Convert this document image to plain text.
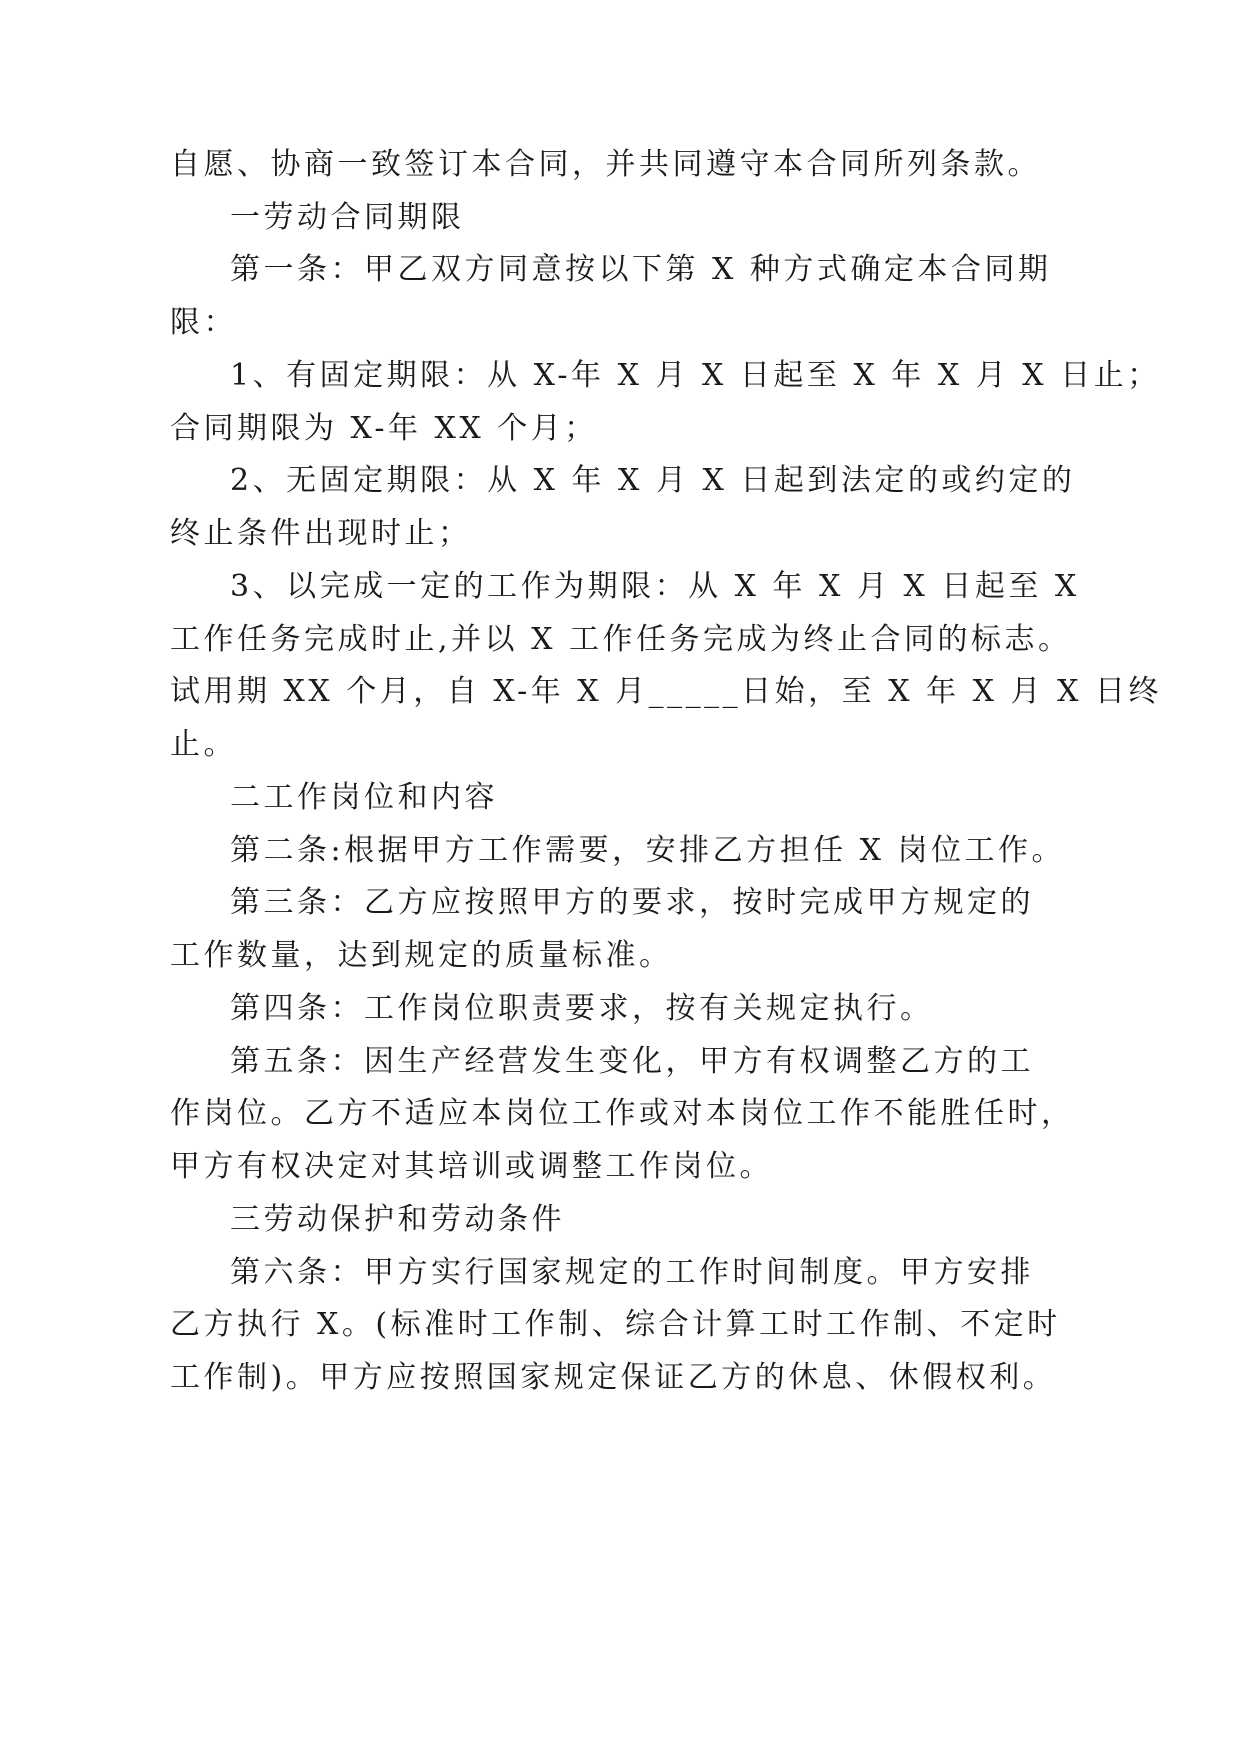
自愿、协商一致签订本合同，并共同遵守本合同所列条款。
一劳动合同期限
第一条：甲乙双方同意按以下第 X 种方式确定本合同期
限：
1、有固定期限：从 X-年 X 月 X 日起至 X 年 X 月 X 日止；
合同期限为 X-年 XX 个月；
2、无固定期限：从 X 年 X 月 X 日起到法定的或约定的
终止条件出现时止；
3、以完成一定的工作为期限：从 X 年 X 月 X 日起至 X
工作任务完成时止,并以 X 工作任务完成为终止合同的标志。
试用期 XX 个月，自 X-年 X 月_____日始，至 X 年 X 月 X 日终
止。
二工作岗位和内容
第二条:根据甲方工作需要，安排乙方担任 X 岗位工作。
第三条：乙方应按照甲方的要求，按时完成甲方规定的
工作数量，达到规定的质量标准。
第四条：工作岗位职责要求，按有关规定执行。
第五条：因生产经营发生变化，甲方有权调整乙方的工
作岗位。乙方不适应本岗位工作或对本岗位工作不能胜任时，
甲方有权决定对其培训或调整工作岗位。
三劳动保护和劳动条件
第六条：甲方实行国家规定的工作时间制度。甲方安排
乙方执行 X。(标准时工作制、综合计算工时工作制、不定时
工作制)。甲方应按照国家规定保证乙方的休息、休假权利。
